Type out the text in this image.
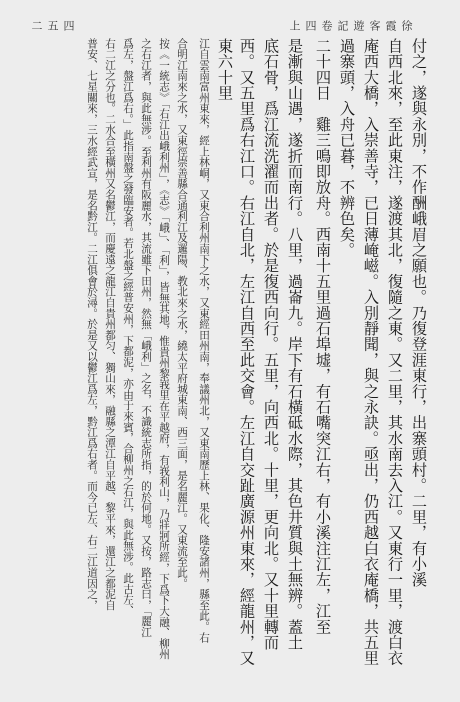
徐霞客遊記卷四上
四五二
付之，遂與永別，不作酬峨眉之願也。乃復登涯東行，出寨頭村。二里，有小溪
自西北來，至此東注，遂渡其北，復隨之東。又二里，其水南去入江。又東行一里，渡白衣
庵西大橋，入崇善寺，已日薄崦嵫。入別靜聞，與之永訣。亟出，仍西越白衣庵橋，共五里
過寨頭，入舟已暮，不辨色矣。
二十四日　雞三鳴即放舟。西南十五里過石埠墟，有石嘴突江右，有小溪注江左，江至
是漸與山遇，遂折而南行。八里，過崙九。岸下有石橫砥水際，其色井質與土無辨。蓋土
底石骨，爲江流洗濯而出者。於是復西向行。五里，向西北。十里，更向北。又十里轉而
西。又五里爲右江口。右江自北，左江自西至此交會。左江自交趾廣源州東來，經龍州，又東六十里
江自雲南富州東來，經上林峒，又東合利州南下之水，又東經田州南，奉議州北，又東南歷上林、果化、隆安諸州，縣至此。右
合明江南來之水，又東徑崇善縣合通利江及邏陽、教北來之水，繞太平府城東南、西三面，是名麗江。又東流至此。
按《一統志》「右江出峨利州」，《志》「峨」、「利」，皆無其地，惟貴州黎峩里在平越府，有峩利山，乃牂牁所經，下爲下大融、柳州
之右江者，與此無涉。至利州有阪麗水，其流雖下田州，然無「峨利」之名，不識統志所指，的於何地。又按，路志曰，「麗江
爲左，盤江爲右。」此指南盤之發臨安者。若北盤之經普安州，下都泥，亦由于來賓，合柳州之右江，與此無涉。此古左、
右二江之分也。二水合至橫州又名鬱江，而慶遠之龍江自貴州都匀、獨山來，融縣之潭江自平越、黎平來，還江之都泥自
普安、七星關來，三水經武宣，是名黔江。二江俱會於潯。於是又以鬱江爲左，黔江爲右者。而今已左、右二江道因之，
